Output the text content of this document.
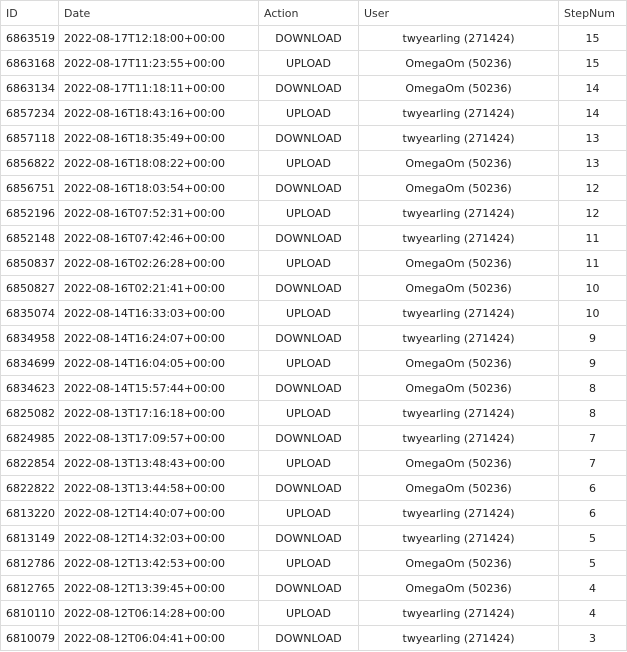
ID	Date	Action	User	StepNum
6863519	2022-08-17T12:18:00+00:00	DOWNLOAD	twyearling (271424)	15
6863168	2022-08-17T11:23:55+00:00	UPLOAD	OmegaOm (50236)	15
6863134	2022-08-17T11:18:11+00:00	DOWNLOAD	OmegaOm (50236)	14
6857234	2022-08-16T18:43:16+00:00	UPLOAD	twyearling (271424)	14
6857118	2022-08-16T18:35:49+00:00	DOWNLOAD	twyearling (271424)	13
6856822	2022-08-16T18:08:22+00:00	UPLOAD	OmegaOm (50236)	13
6856751	2022-08-16T18:03:54+00:00	DOWNLOAD	OmegaOm (50236)	12
6852196	2022-08-16T07:52:31+00:00	UPLOAD	twyearling (271424)	12
6852148	2022-08-16T07:42:46+00:00	DOWNLOAD	twyearling (271424)	11
6850837	2022-08-16T02:26:28+00:00	UPLOAD	OmegaOm (50236)	11
6850827	2022-08-16T02:21:41+00:00	DOWNLOAD	OmegaOm (50236)	10
6835074	2022-08-14T16:33:03+00:00	UPLOAD	twyearling (271424)	10
6834958	2022-08-14T16:24:07+00:00	DOWNLOAD	twyearling (271424)	9
6834699	2022-08-14T16:04:05+00:00	UPLOAD	OmegaOm (50236)	9
6834623	2022-08-14T15:57:44+00:00	DOWNLOAD	OmegaOm (50236)	8
6825082	2022-08-13T17:16:18+00:00	UPLOAD	twyearling (271424)	8
6824985	2022-08-13T17:09:57+00:00	DOWNLOAD	twyearling (271424)	7
6822854	2022-08-13T13:48:43+00:00	UPLOAD	OmegaOm (50236)	7
6822822	2022-08-13T13:44:58+00:00	DOWNLOAD	OmegaOm (50236)	6
6813220	2022-08-12T14:40:07+00:00	UPLOAD	twyearling (271424)	6
6813149	2022-08-12T14:32:03+00:00	DOWNLOAD	twyearling (271424)	5
6812786	2022-08-12T13:42:53+00:00	UPLOAD	OmegaOm (50236)	5
6812765	2022-08-12T13:39:45+00:00	DOWNLOAD	OmegaOm (50236)	4
6810110	2022-08-12T06:14:28+00:00	UPLOAD	twyearling (271424)	4
6810079	2022-08-12T06:04:41+00:00	DOWNLOAD	twyearling (271424)	3
